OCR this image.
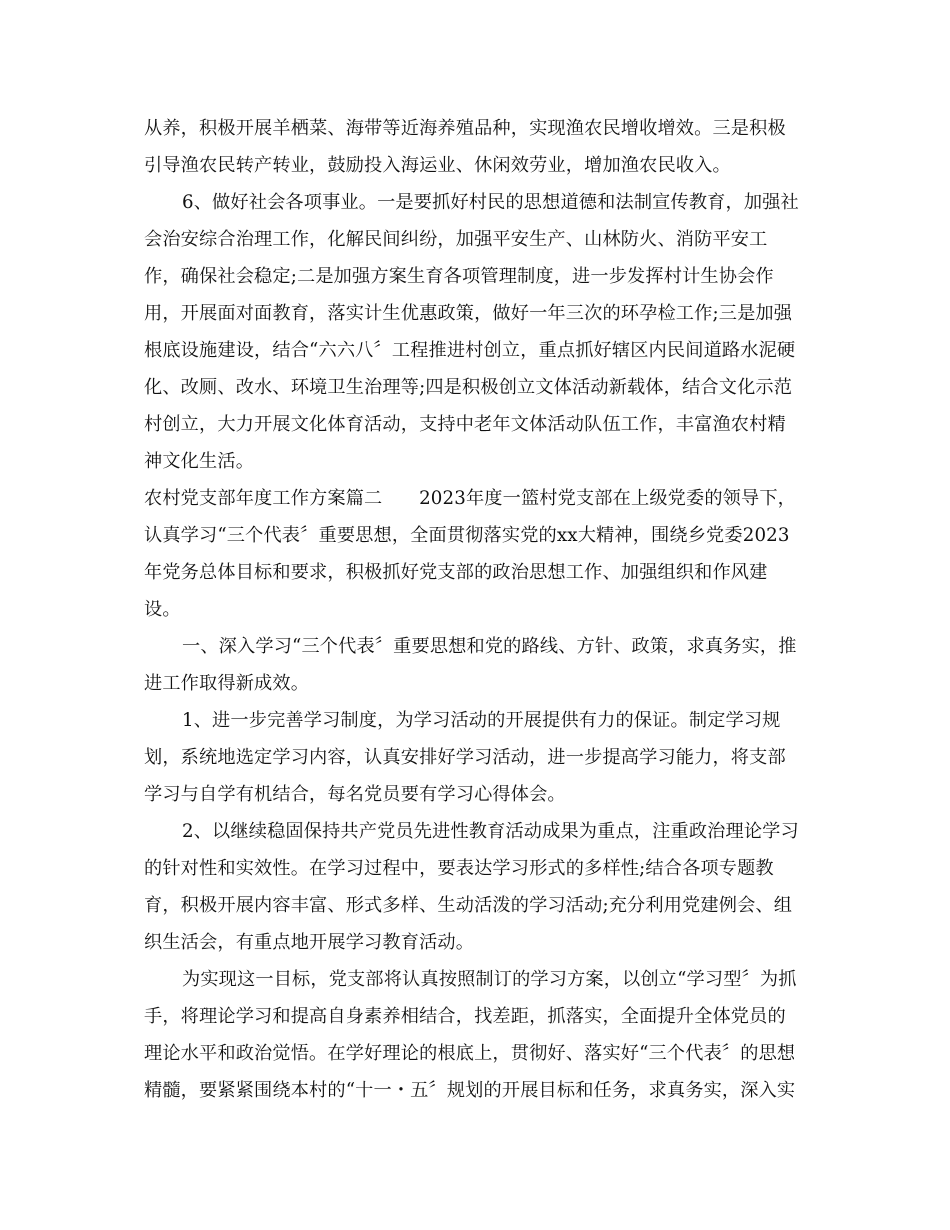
从养，积极开展羊栖菜、海带等近海养殖品种，实现渔农民增收增效。三是积极
引导渔农民转产转业，鼓励投入海运业、休闲效劳业，增加渔农民收入。
6、做好社会各项事业。一是要抓好村民的思想道德和法制宣传教育，加强社
会治安综合治理工作，化解民间纠纷，加强平安生产、山林防火、消防平安工
作，确保社会稳定;二是加强方案生育各项管理制度，进一步发挥村计生协会作
用，开展面对面教育，落实计生优惠政策，做好一年三次的环孕检工作;三是加强
根底设施建设，结合“六六八〞工程推进村创立，重点抓好辖区内民间道路水泥硬
化、改厕、改水、环境卫生治理等;四是积极创立文体活动新载体，结合文化示范
村创立，大力开展文化体育活动，支持中老年文体活动队伍工作，丰富渔农村精
神文化生活。
农村党支部年度工作方案篇二　　2023年度一篮村党支部在上级党委的领导下，
认真学习“三个代表〞重要思想，全面贯彻落实党的xx大精神，围绕乡党委2023
年党务总体目标和要求，积极抓好党支部的政治思想工作、加强组织和作风建
设。
一、深入学习“三个代表〞重要思想和党的路线、方针、政策，求真务实，推
进工作取得新成效。
1、进一步完善学习制度，为学习活动的开展提供有力的保证。制定学习规
划，系统地选定学习内容，认真安排好学习活动，进一步提高学习能力，将支部
学习与自学有机结合，每名党员要有学习心得体会。
2、以继续稳固保持共产党员先进性教育活动成果为重点，注重政治理论学习
的针对性和实效性。在学习过程中，要表达学习形式的多样性;结合各项专题教
育，积极开展内容丰富、形式多样、生动活泼的学习活动;充分利用党建例会、组
织生活会，有重点地开展学习教育活动。
为实现这一目标，党支部将认真按照制订的学习方案，以创立“学习型〞为抓
手，将理论学习和提高自身素养相结合，找差距，抓落实，全面提升全体党员的
理论水平和政治觉悟。在学好理论的根底上，贯彻好、落实好“三个代表〞的思想
精髓，要紧紧围绕本村的“十一・五〞规划的开展目标和任务，求真务实，深入实
